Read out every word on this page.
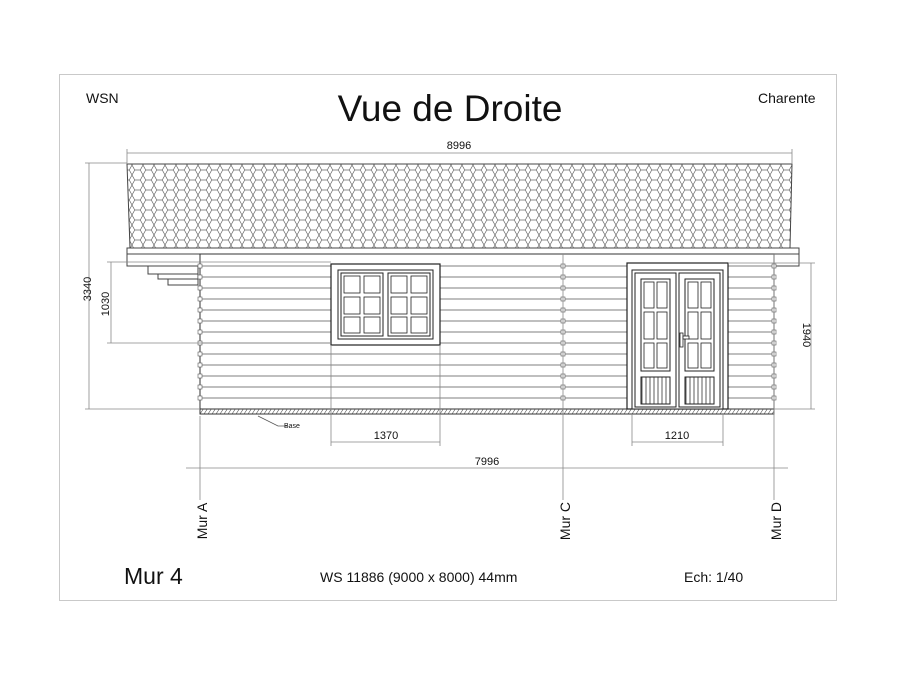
WSN	Charente
Vue de Droite
8996
3340
1030
1940
1370	1210
7996
Base
Mur A	Mur C	Mur D
Mur 4	WS 11886 (9000 x 8000) 44mm	Ech: 1/40
